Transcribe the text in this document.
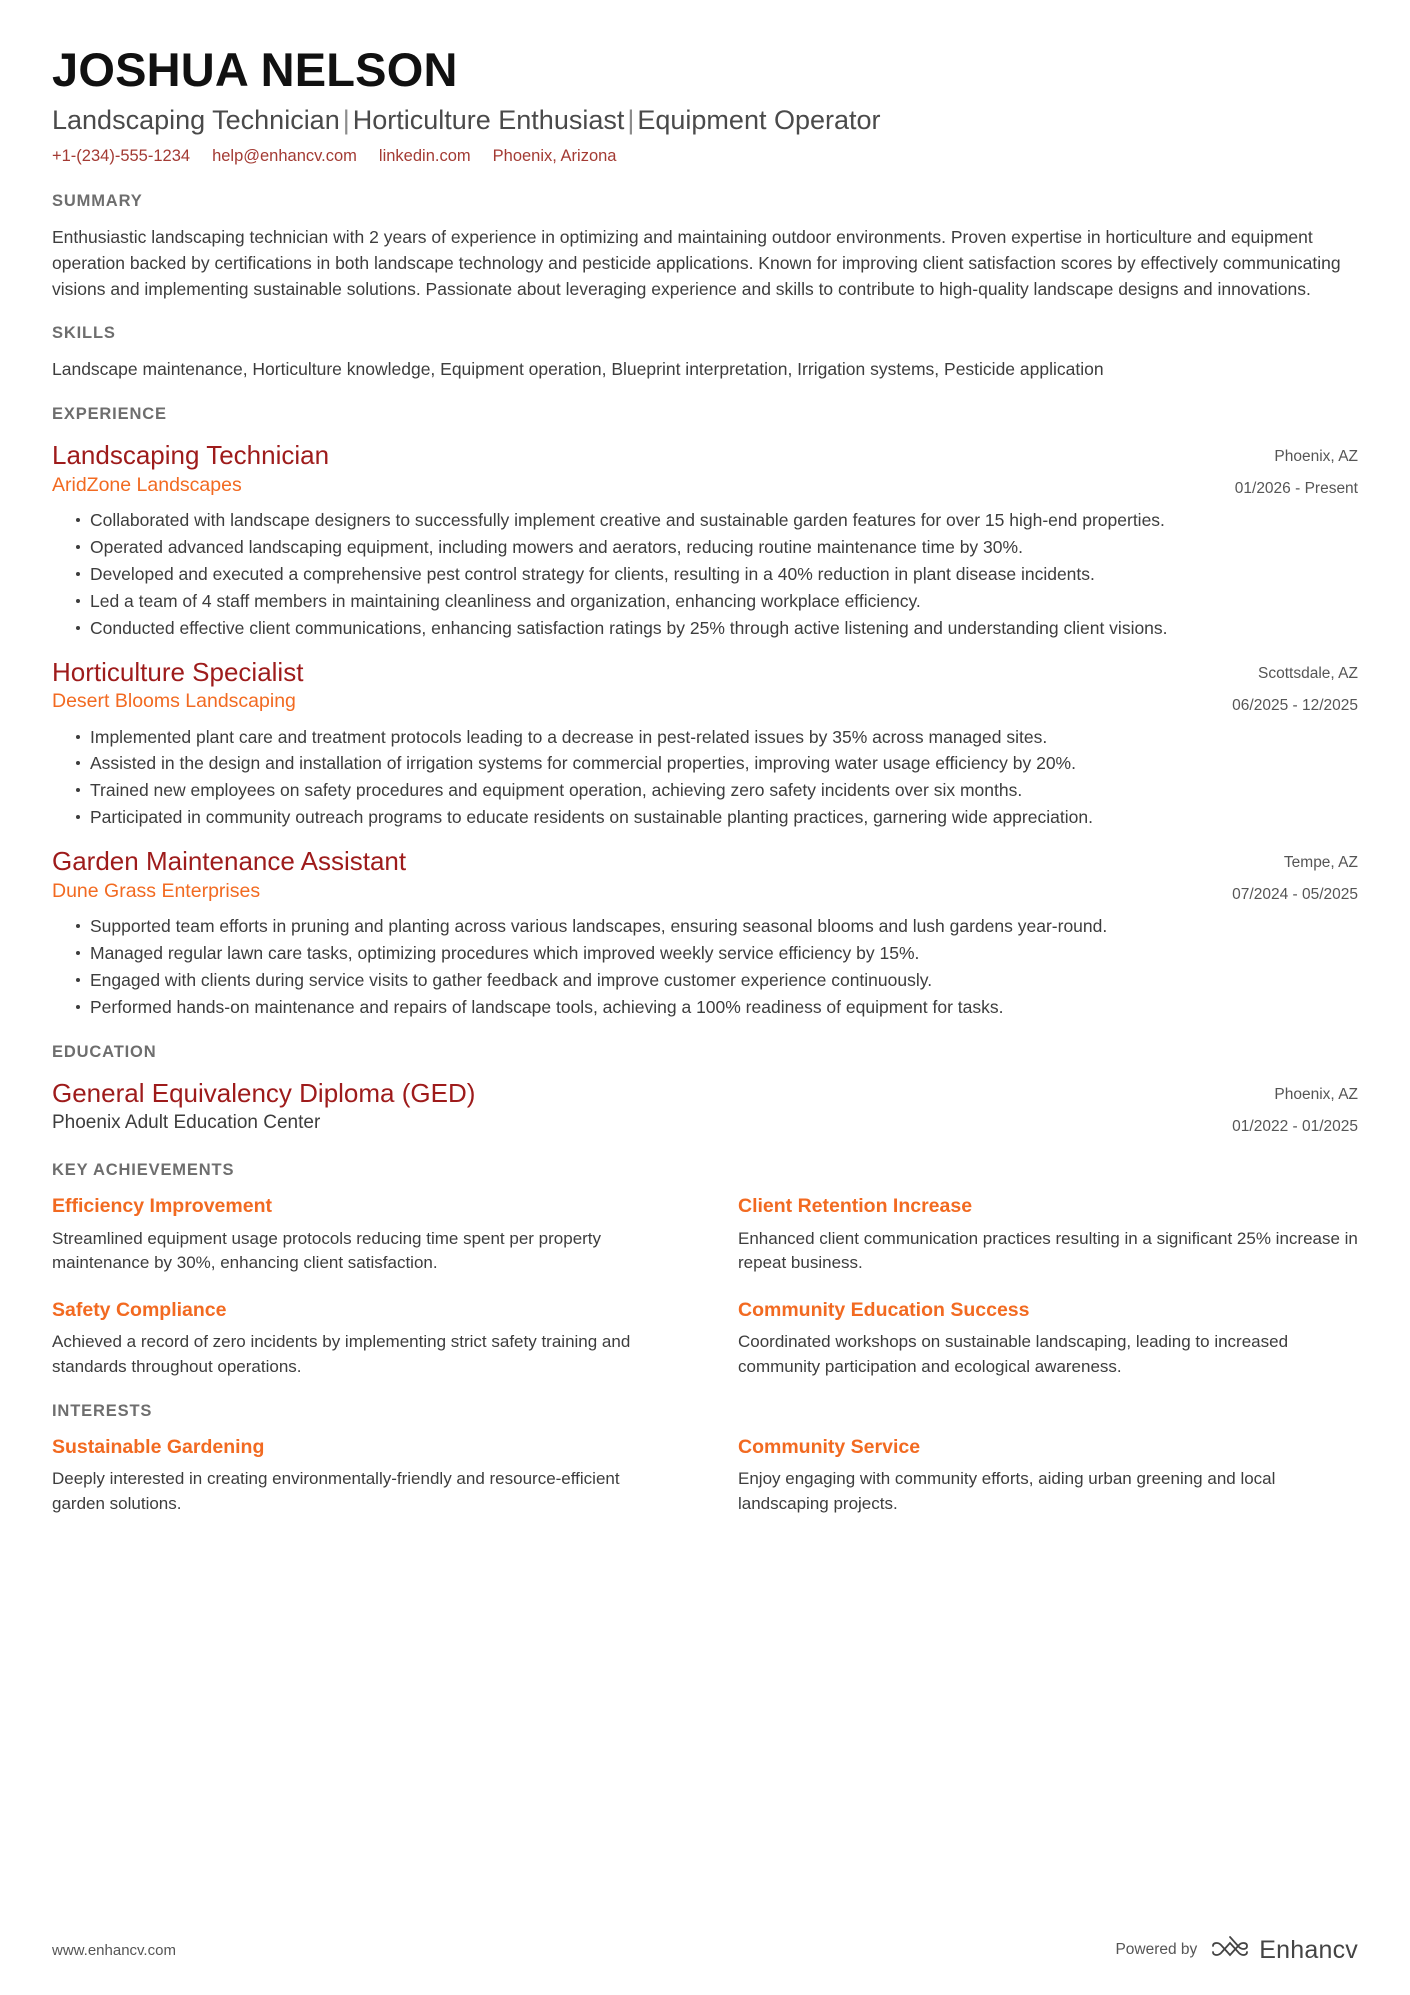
JOSHUA NELSON
Landscaping Technician | Horticulture Enthusiast | Equipment Operator
+1-(234)-555-1234 help@enhancv.com linkedin.com Phoenix, Arizona
SUMMARY

Enthusiastic landscaping technician with 2 years of experience in optimizing and maintaining outdoor environments. Proven expertise in horticulture and equipment operation backed by certifications in both landscape technology and pesticide applications. Known for improving client satisfaction scores by effectively communicating visions and implementing sustainable solutions. Passionate about leveraging experience and skills to contribute to high-quality landscape designs and innovations.

SKILLS

Landscape maintenance, Horticulture knowledge, Equipment operation, Blueprint interpretation, Irrigation systems, Pesticide application

EXPERIENCE
Landscaping Technician
AridZone Landscapes
Phoenix, AZ
01/2026 - Present
Collaborated with landscape designers to successfully implement creative and sustainable garden features for over 15 high-end properties.
Operated advanced landscaping equipment, including mowers and aerators, reducing routine maintenance time by 30%.
Developed and executed a comprehensive pest control strategy for clients, resulting in a 40% reduction in plant disease incidents.
Led a team of 4 staff members in maintaining cleanliness and organization, enhancing workplace efficiency.
Conducted effective client communications, enhancing satisfaction ratings by 25% through active listening and understanding client visions.
Horticulture Specialist
Desert Blooms Landscaping
Scottsdale, AZ
06/2025 - 12/2025
Implemented plant care and treatment protocols leading to a decrease in pest-related issues by 35% across managed sites.
Assisted in the design and installation of irrigation systems for commercial properties, improving water usage efficiency by 20%.
Trained new employees on safety procedures and equipment operation, achieving zero safety incidents over six months.
Participated in community outreach programs to educate residents on sustainable planting practices, garnering wide appreciation.
Garden Maintenance Assistant
Dune Grass Enterprises
Tempe, AZ
07/2024 - 05/2025
Supported team efforts in pruning and planting across various landscapes, ensuring seasonal blooms and lush gardens year-round.
Managed regular lawn care tasks, optimizing procedures which improved weekly service efficiency by 15%.
Engaged with clients during service visits to gather feedback and improve customer experience continuously.
Performed hands-on maintenance and repairs of landscape tools, achieving a 100% readiness of equipment for tasks.
EDUCATION
General Equivalency Diploma (GED)
Phoenix Adult Education Center
Phoenix, AZ
01/2022 - 01/2025
KEY ACHIEVEMENTS
Efficiency Improvement
Streamlined equipment usage protocols reducing time spent per property maintenance by 30%, enhancing client satisfaction.
Client Retention Increase
Enhanced client communication practices resulting in a significant 25% increase in repeat business.
Safety Compliance
Achieved a record of zero incidents by implementing strict safety training and standards throughout operations.
Community Education Success
Coordinated workshops on sustainable landscaping, leading to increased community participation and ecological awareness.
INTERESTS
Sustainable Gardening
Deeply interested in creating environmentally-friendly and resource-efficient garden solutions.
Community Service
Enjoy engaging with community efforts, aiding urban greening and local landscaping projects.
www.enhancv.com	Powered by Enhancv
